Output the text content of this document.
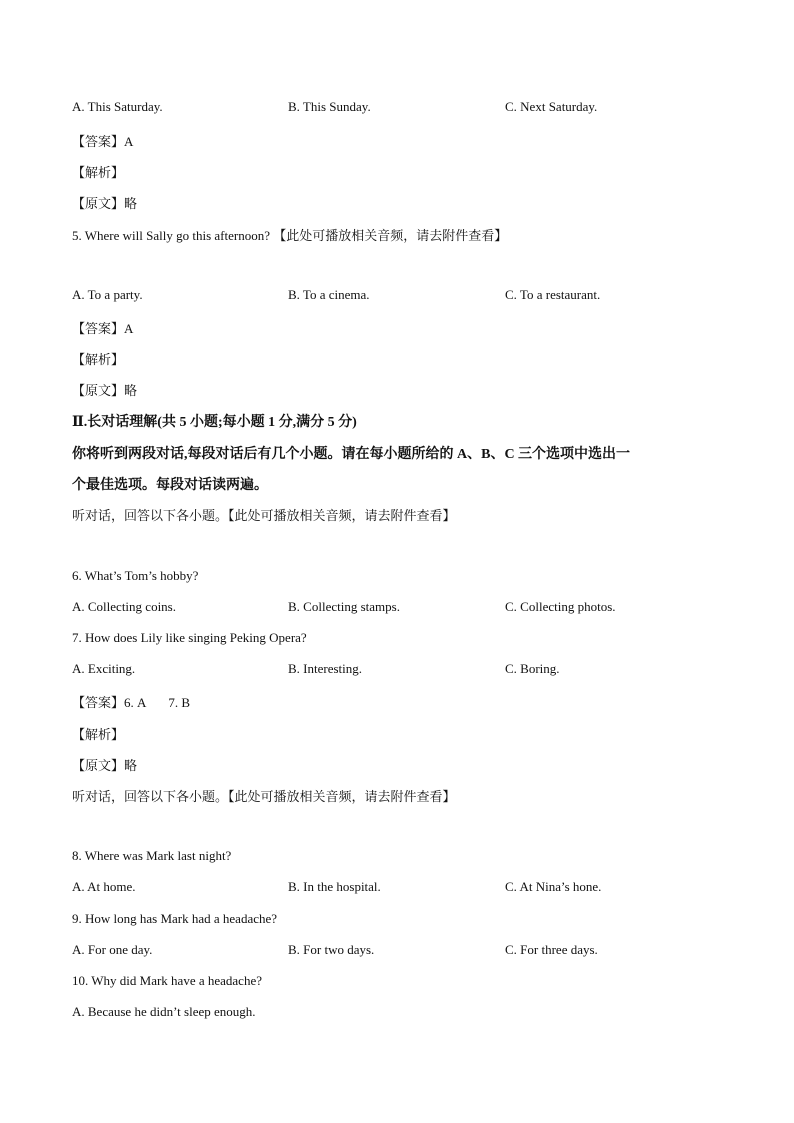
A. This Saturday.	B. This Sunday.	C. Next Saturday.
【答案】A
【解析】
【原文】略
5. Where will Sally go this afternoon? 【此处可播放相关音频，请去附件查看】
A. To a party.	B. To a cinema.	C. To a restaurant.
【答案】A
【解析】
【原文】略
Ⅱ.长对话理解(共 5 小题;每小题 1 分,满分 5 分)
你将听到两段对话,每段对话后有几个小题。请在每小题所给的 A、B、C 三个选项中选出一
个最佳选项。每段对话读两遍。
听对话，回答以下各小题。【此处可播放相关音频，请去附件查看】
6. What’s Tom’s hobby?
A. Collecting coins.	B. Collecting stamps.	C. Collecting photos.
7. How does Lily like singing Peking Opera?
A. Exciting.	B. Interesting.	C. Boring.
【答案】6. A       7. B
【解析】
【原文】略
听对话，回答以下各小题。【此处可播放相关音频，请去附件查看】
8. Where was Mark last night?
A. At home.	B. In the hospital.	C. At Nina’s hone.
9. How long has Mark had a headache?
A. For one day.	B. For two days.	C. For three days.
10. Why did Mark have a headache?
A. Because he didn’t sleep enough.
